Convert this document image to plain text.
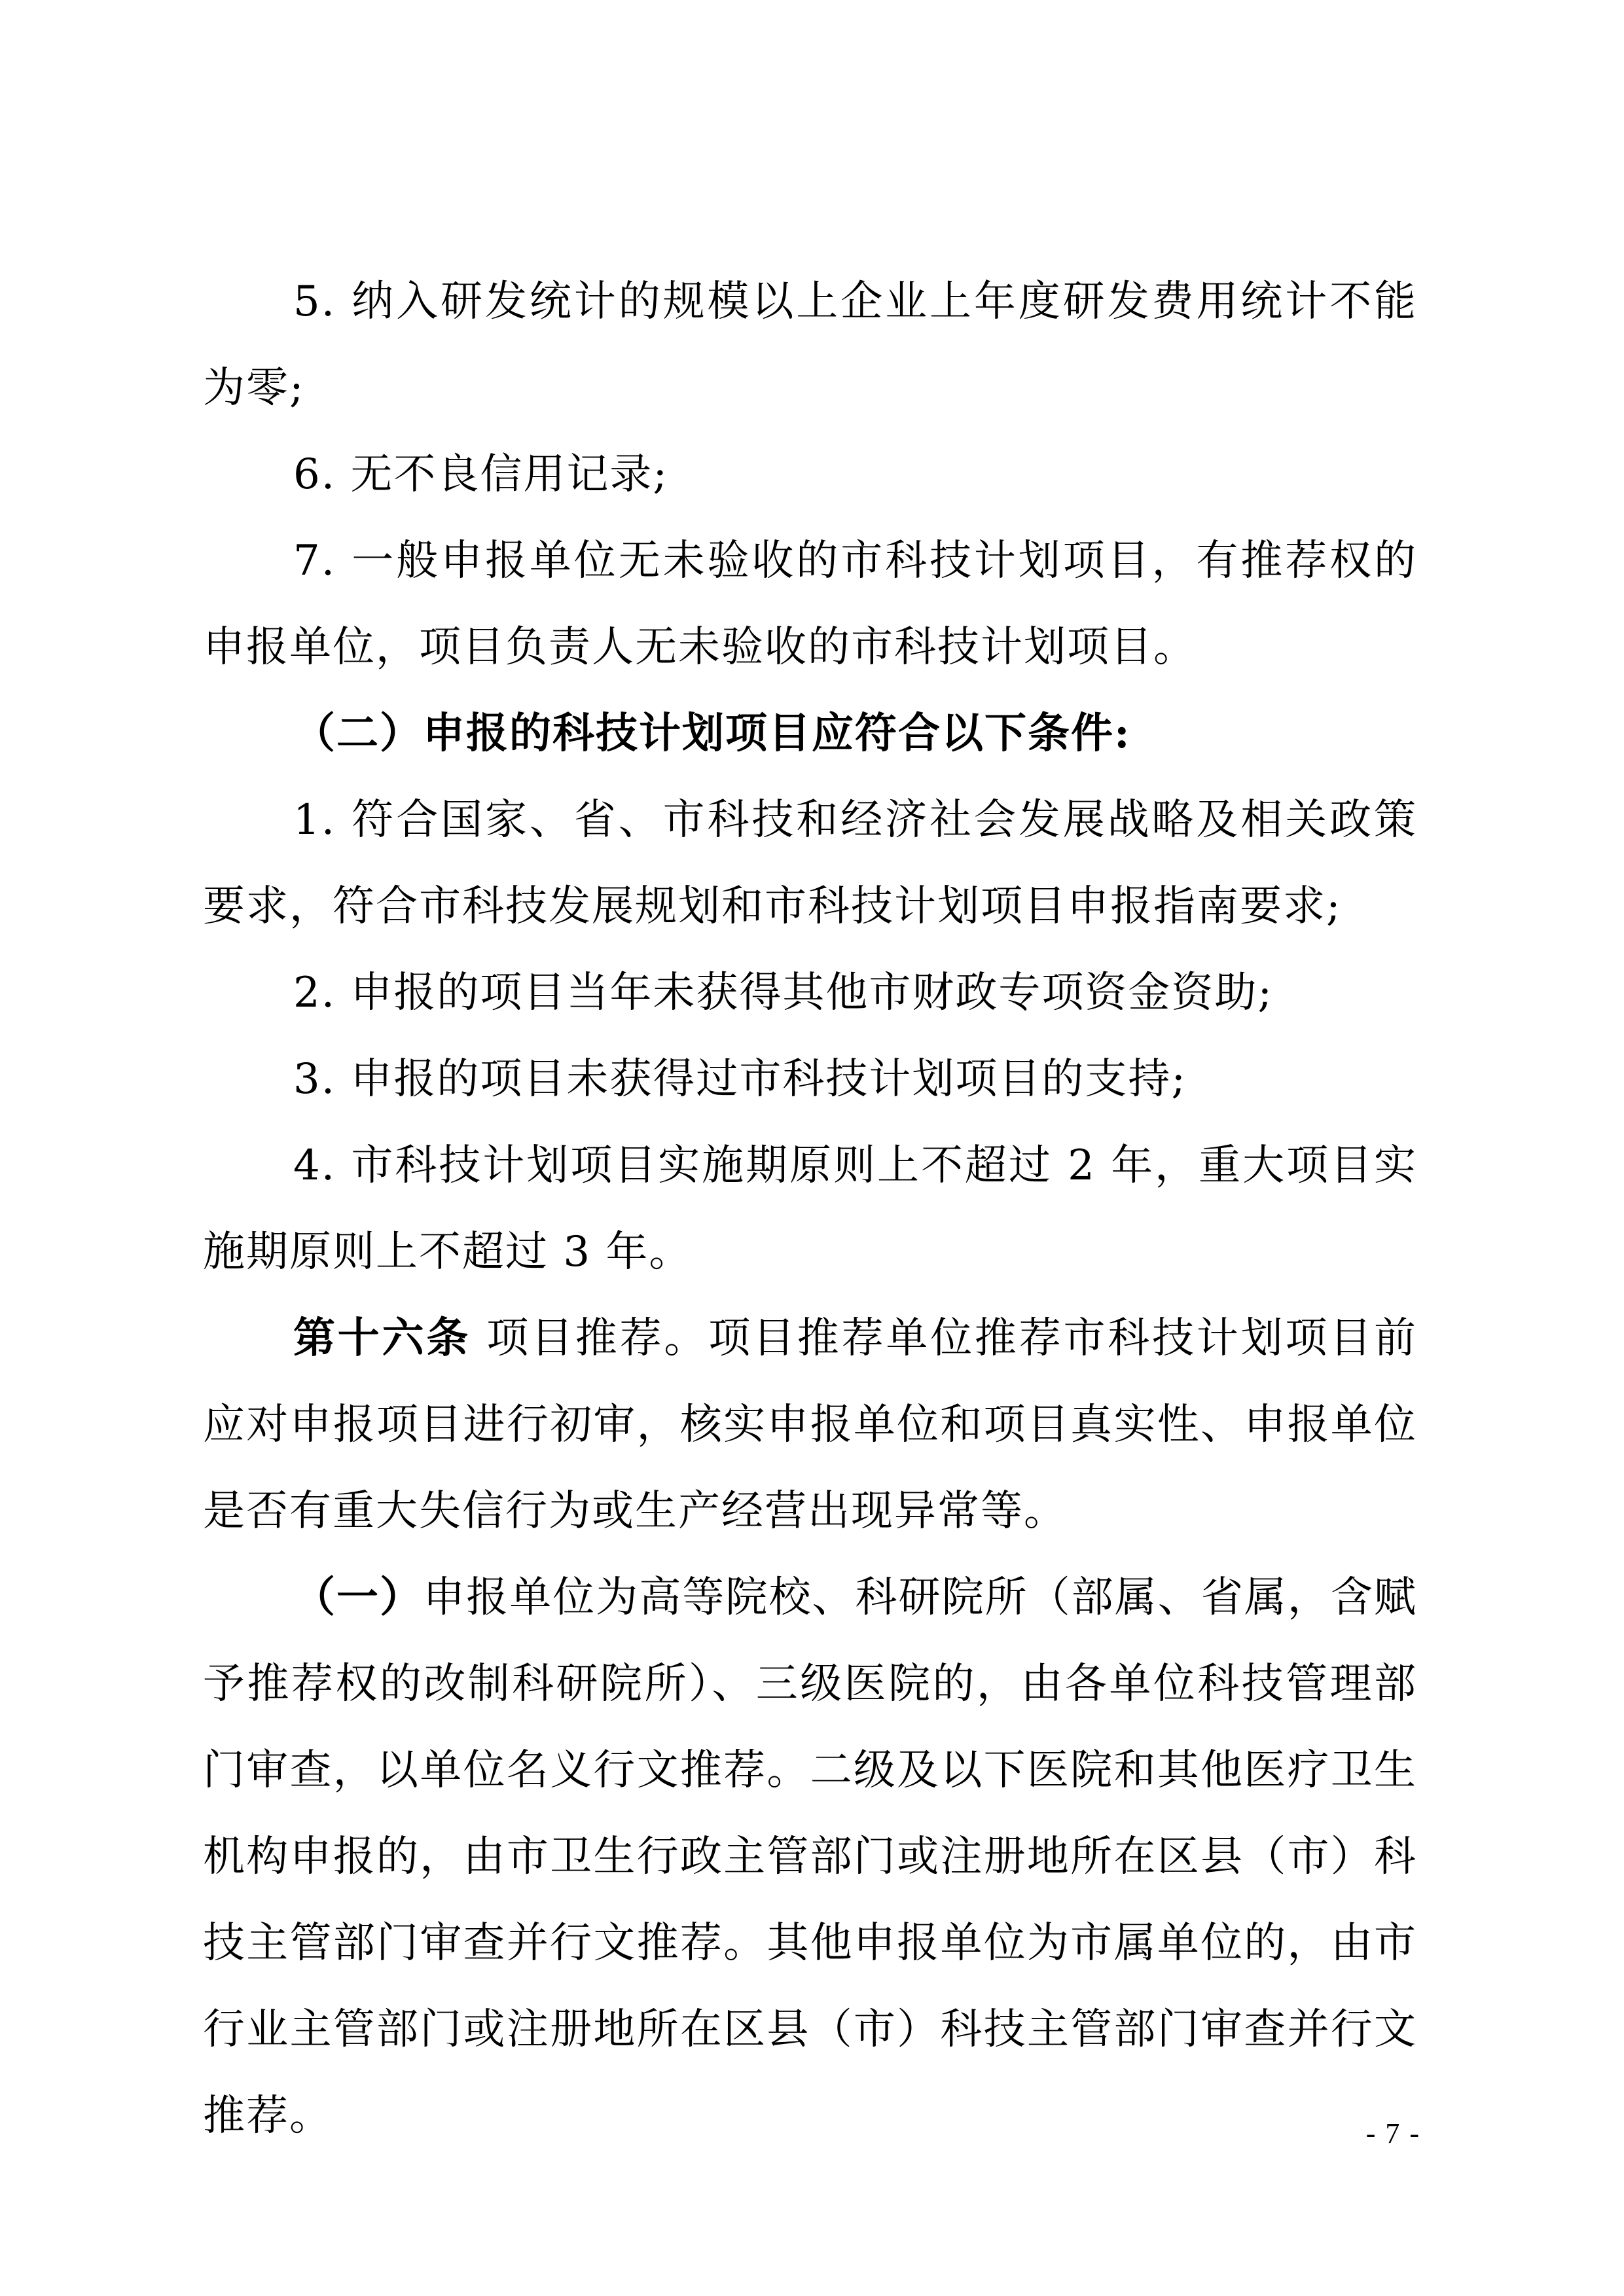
5. 纳入研发统计的规模以上企业上年度研发费用统计不能为零;

6. 无不良信用记录;

7. 一般申报单位无未验收的市科技计划项目，有推荐权的申报单位，项目负责人无未验收的市科技计划项目。

（二）申报的科技计划项目应符合以下条件:

1. 符合国家、省、市科技和经济社会发展战略及相关政策要求，符合市科技发展规划和市科技计划项目申报指南要求;

2. 申报的项目当年未获得其他市财政专项资金资助;

3. 申报的项目未获得过市科技计划项目的支持;

4. 市科技计划项目实施期原则上不超过 2 年，重大项目实施期原则上不超过 3 年。

第十六条 项目推荐。项目推荐单位推荐市科技计划项目前应对申报项目进行初审，核实申报单位和项目真实性、申报单位是否有重大失信行为或生产经营出现异常等。

（一）申报单位为高等院校、科研院所（部属、省属，含赋予推荐权的改制科研院所）、三级医院的，由各单位科技管理部门审查，以单位名义行文推荐。二级及以下医院和其他医疗卫生机构申报的，由市卫生行政主管部门或注册地所在区县（市）科技主管部门审查并行文推荐。其他申报单位为市属单位的，由市行业主管部门或注册地所在区县（市）科技主管部门审查并行文推荐。	- 7 -
